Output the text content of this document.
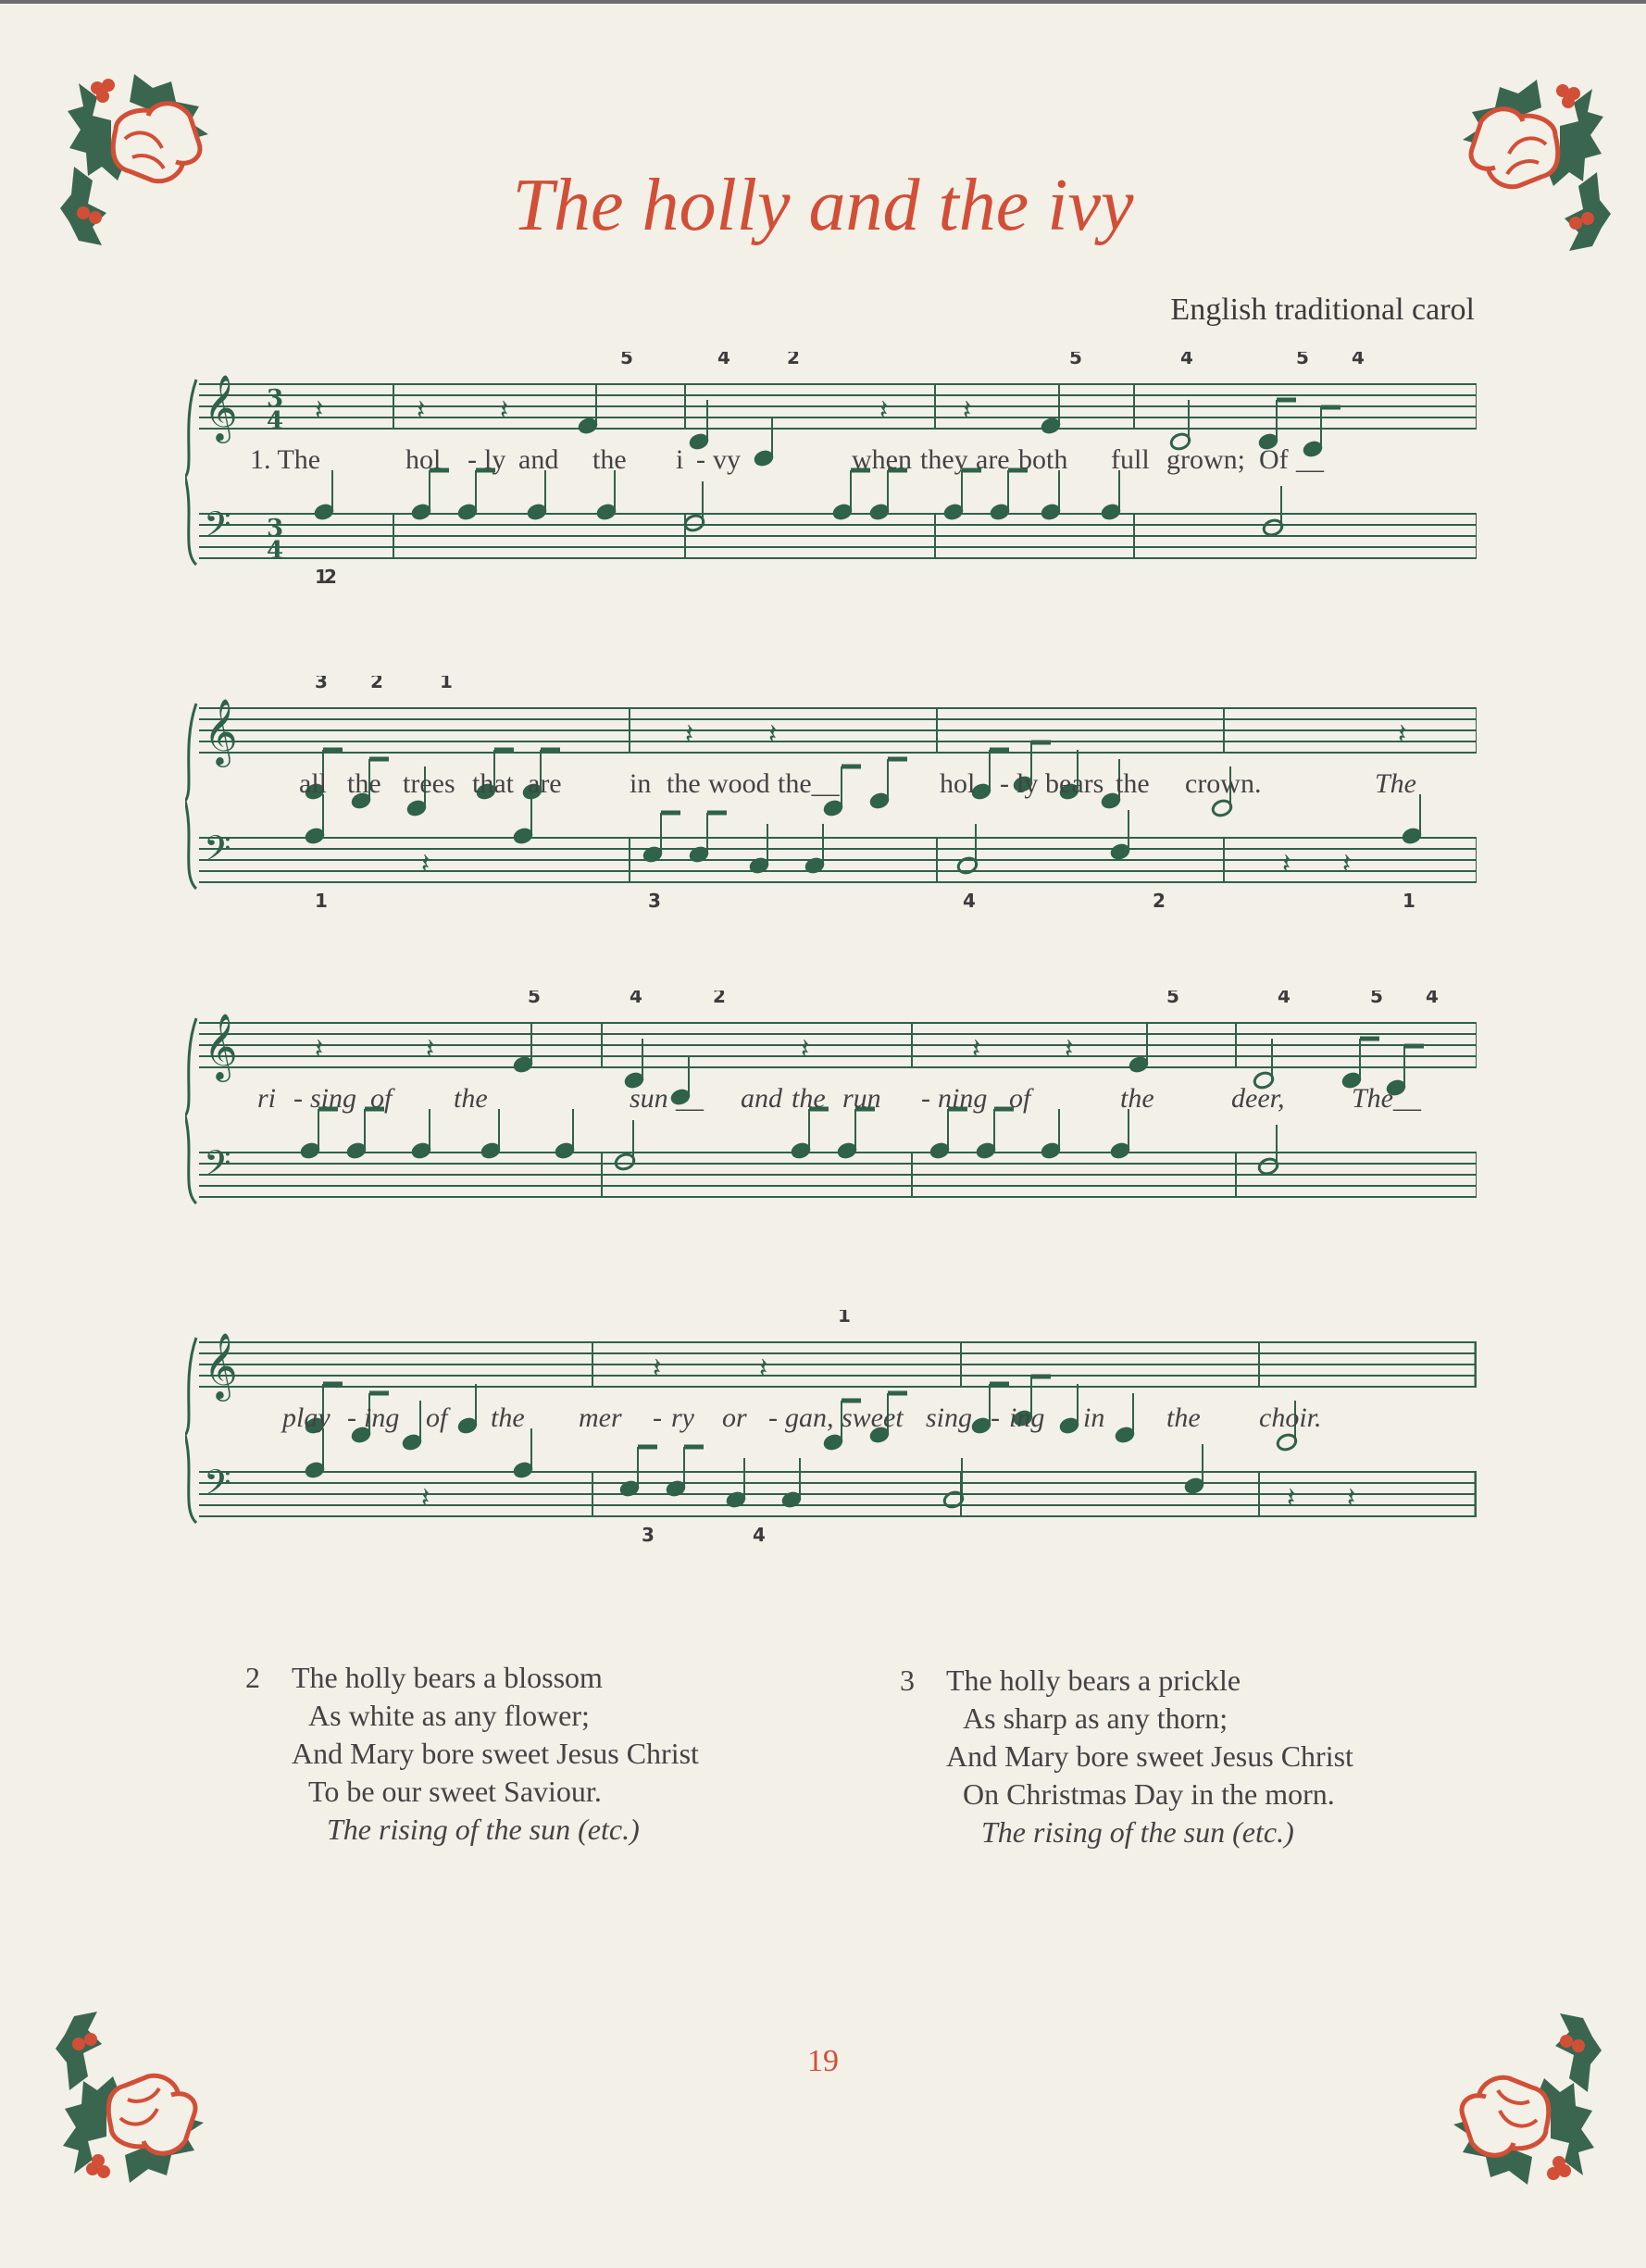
The holly and the ivy
English traditional carol
𝄞 3
4
𝄢 3
4
𝄽	𝄽	𝄽	𝄽	𝄽
5	4	2	5	4	5 4
1
2
1. The	hol - ly and the i - vy	when they are both full grown; Of __
𝄞
𝄢
𝄽	𝄽	𝄽
𝄽	𝄽 𝄽
3 2	1
1	3	4	2	1
all the trees that are in the wood the__	hol - ly bears the crown.	The
𝄞
𝄢
𝄽	𝄽	𝄽	𝄽	𝄽
5	4	2	5	4	5 4
ri - sing of the	sun __ and the run - ning of	the	deer, The__
𝄞
𝄢
𝄽	𝄽
𝄽	𝄽 𝄽
1
3	4
play - ing of the mer - ry or - gan, sweet sing - ing in the choir.
2 The holly bears a blossom
As white as any flower;
And Mary bore sweet Jesus Christ
To be our sweet Saviour.
The rising of the sun (etc.)
3 The holly bears a prickle
As sharp as any thorn;
And Mary bore sweet Jesus Christ
On Christmas Day in the morn.
The rising of the sun (etc.)
19
